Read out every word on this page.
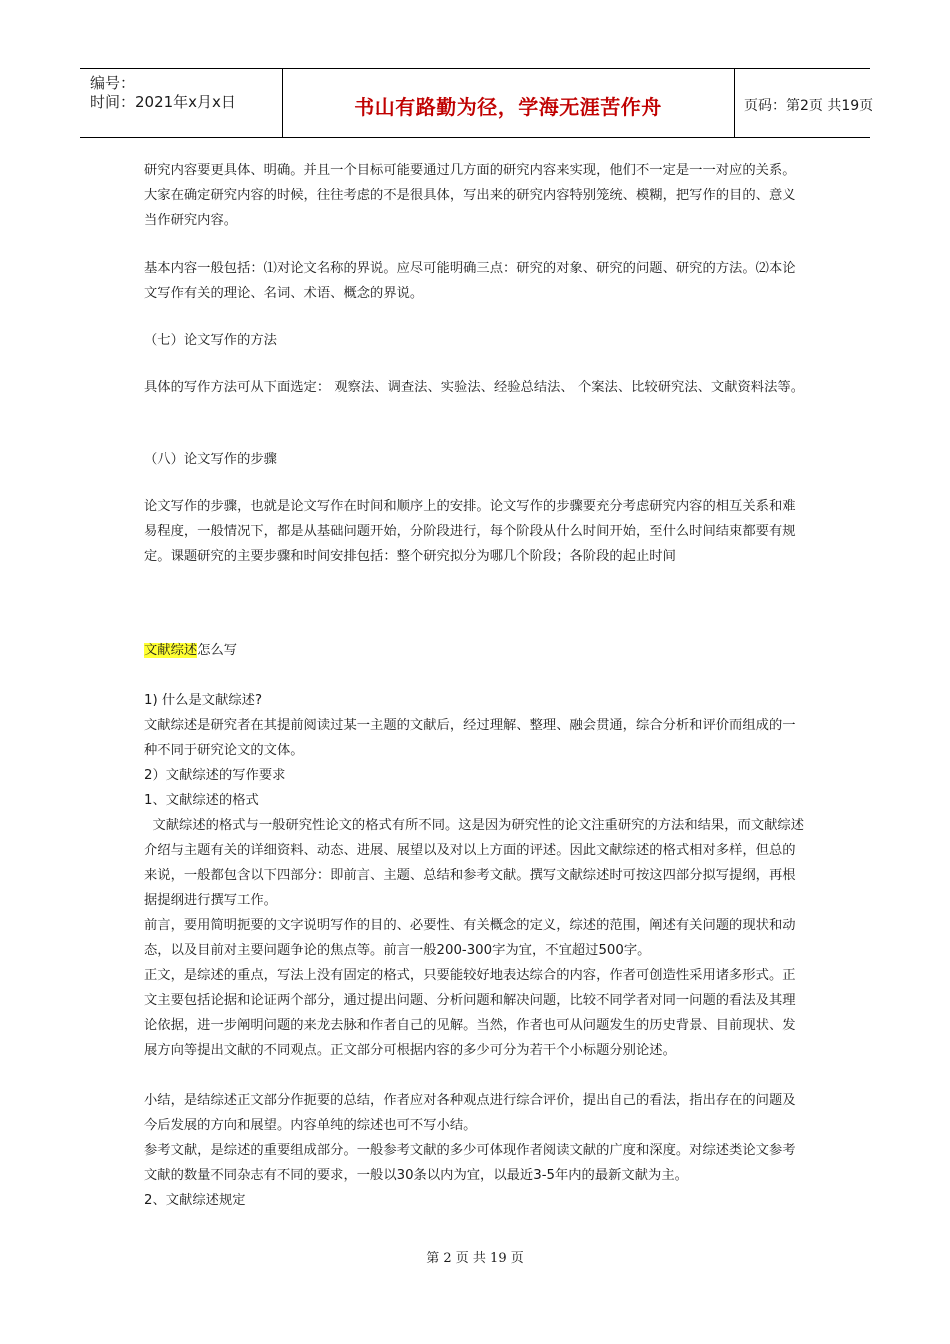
编号：
时间：2021年x月x日	书山有路勤为径，学海无涯苦作舟	页码：第2页 共19页

研究内容要更具体、明确。并且一个目标可能要通过几方面的研究内容来实现，他们不一定是一一对应的关系。大家在确定研究内容的时候，往往考虑的不是很具体，写出来的研究内容特别笼统、模糊，把写作的目的、意义当作研究内容。

基本内容一般包括：⑴对论文名称的界说。应尽可能明确三点：研究的对象、研究的问题、研究的方法。⑵本论文写作有关的理论、名词、术语、概念的界说。

（七）论文写作的方法

具体的写作方法可从下面选定： 观察法、调查法、实验法、经验总结法、 个案法、比较研究法、文献资料法等。

（八）论文写作的步骤

论文写作的步骤，也就是论文写作在时间和顺序上的安排。论文写作的步骤要充分考虑研究内容的相互关系和难易程度，一般情况下，都是从基础问题开始，分阶段进行，每个阶段从什么时间开始，至什么时间结束都要有规定。课题研究的主要步骤和时间安排包括：整个研究拟分为哪几个阶段；各阶段的起止时间

文献综述怎么写

1) 什么是文献综述?

文献综述是研究者在其提前阅读过某一主题的文献后，经过理解、整理、融会贯通，综合分析和评价而组成的一种不同于研究论文的文体。

2）文献综述的写作要求

1、文献综述的格式

文献综述的格式与一般研究性论文的格式有所不同。这是因为研究性的论文注重研究的方法和结果，而文献综述介绍与主题有关的详细资料、动态、进展、展望以及对以上方面的评述。因此文献综述的格式相对多样，但总的来说，一般都包含以下四部分：即前言、主题、总结和参考文献。撰写文献综述时可按这四部分拟写提纲，再根据提纲进行撰写工作。

前言，要用简明扼要的文字说明写作的目的、必要性、有关概念的定义，综述的范围，阐述有关问题的现状和动态，以及目前对主要问题争论的焦点等。前言一般200-300字为宜，不宜超过500字。

正文，是综述的重点，写法上没有固定的格式，只要能较好地表达综合的内容，作者可创造性采用诸多形式。正文主要包括论据和论证两个部分，通过提出问题、分析问题和解决问题，比较不同学者对同一问题的看法及其理论依据，进一步阐明问题的来龙去脉和作者自己的见解。当然，作者也可从问题发生的历史背景、目前现状、发展方向等提出文献的不同观点。正文部分可根据内容的多少可分为若干个小标题分别论述。

小结，是结综述正文部分作扼要的总结，作者应对各种观点进行综合评价，提出自己的看法，指出存在的问题及今后发展的方向和展望。内容单纯的综述也可不写小结。

参考文献，是综述的重要组成部分。一般参考文献的多少可体现作者阅读文献的广度和深度。对综述类论文参考文献的数量不同杂志有不同的要求，一般以30条以内为宜，以最近3-5年内的最新文献为主。

2、文献综述规定

第 2 页 共 19 页
